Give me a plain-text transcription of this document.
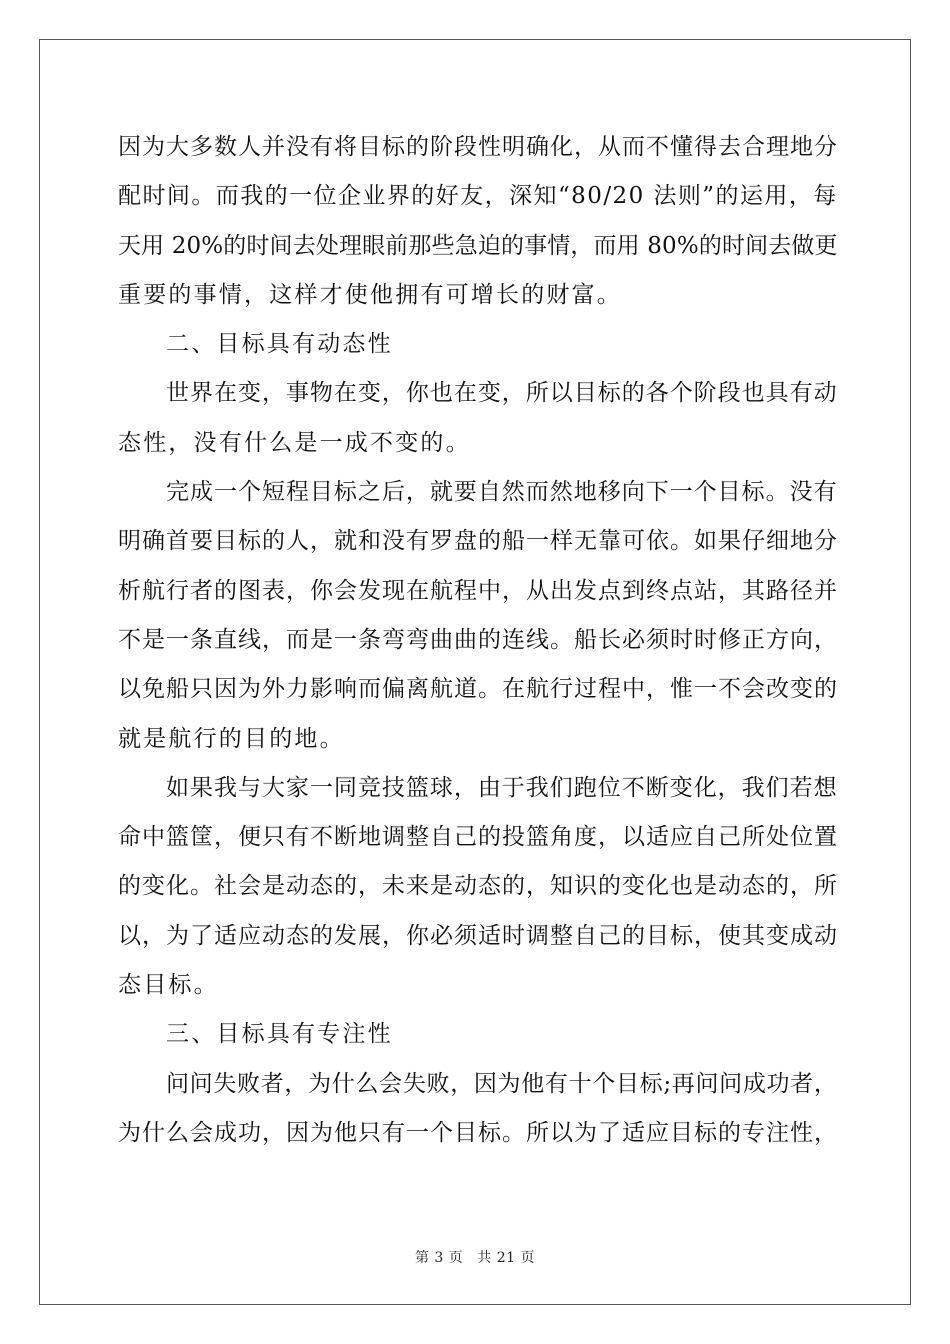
因为大多数人并没有将目标的阶段性明确化，从而不懂得去合理地分
配时间。而我的一位企业界的好友，深知“80/20 法则”的运用，每
天用 20%的时间去处理眼前那些急迫的事情，而用 80%的时间去做更
重要的事情，这样才使他拥有可增长的财富。
二、目标具有动态性
世界在变，事物在变，你也在变，所以目标的各个阶段也具有动
态性，没有什么是一成不变的。
完成一个短程目标之后，就要自然而然地移向下一个目标。没有
明确首要目标的人，就和没有罗盘的船一样无靠可依。如果仔细地分
析航行者的图表，你会发现在航程中，从出发点到终点站，其路径并
不是一条直线，而是一条弯弯曲曲的连线。船长必须时时修正方向，
以免船只因为外力影响而偏离航道。在航行过程中，惟一不会改变的
就是航行的目的地。
如果我与大家一同竞技篮球，由于我们跑位不断变化，我们若想
命中篮筐，便只有不断地调整自己的投篮角度，以适应自己所处位置
的变化。社会是动态的，未来是动态的，知识的变化也是动态的，所
以，为了适应动态的发展，你必须适时调整自己的目标，使其变成动
态目标。
三、目标具有专注性
问问失败者，为什么会失败，因为他有十个目标;再问问成功者，
为什么会成功，因为他只有一个目标。所以为了适应目标的专注性，
第 3 页 共 21 页
